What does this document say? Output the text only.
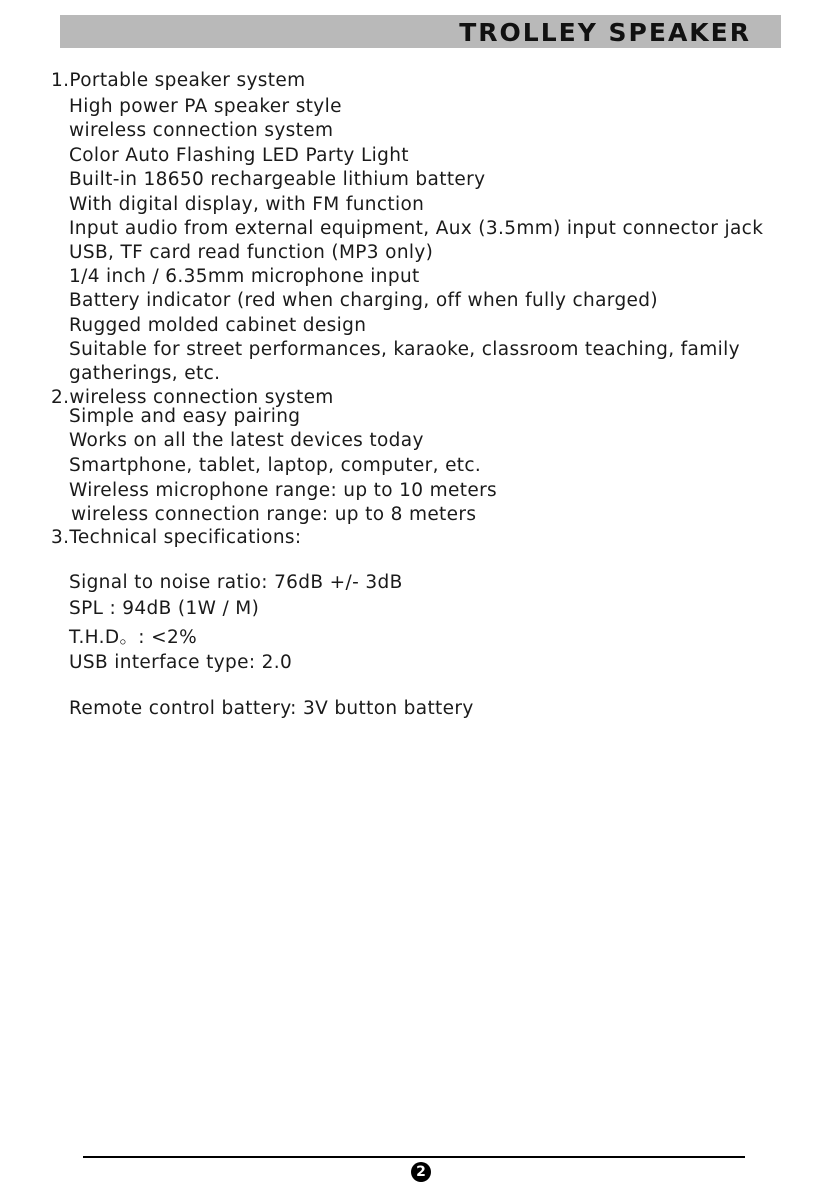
TROLLEY SPEAKER
1.Portable speaker system
High power PA speaker style
wireless connection system
Color Auto Flashing LED Party Light
Built-in 18650 rechargeable lithium battery
With digital display, with FM function
Input audio from external equipment, Aux (3.5mm) input connector jack
USB, TF card read function (MP3 only)
1/4 inch / 6.35mm microphone input
Battery indicator (red when charging, off when fully charged)
Rugged molded cabinet design
Suitable for street performances, karaoke, classroom teaching, family
gatherings, etc.
2.wireless connection system
Simple and easy pairing
Works on all the latest devices today
Smartphone, tablet, laptop, computer, etc.
Wireless microphone range: up to 10 meters
wireless connection range: up to 8 meters
3.Technical specifications:
Signal to noise ratio: 76dB +/- 3dB
SPL : 94dB (1W / M)
T.H.D。: <2%
USB interface type: 2.0
Remote control battery: 3V button battery
2
